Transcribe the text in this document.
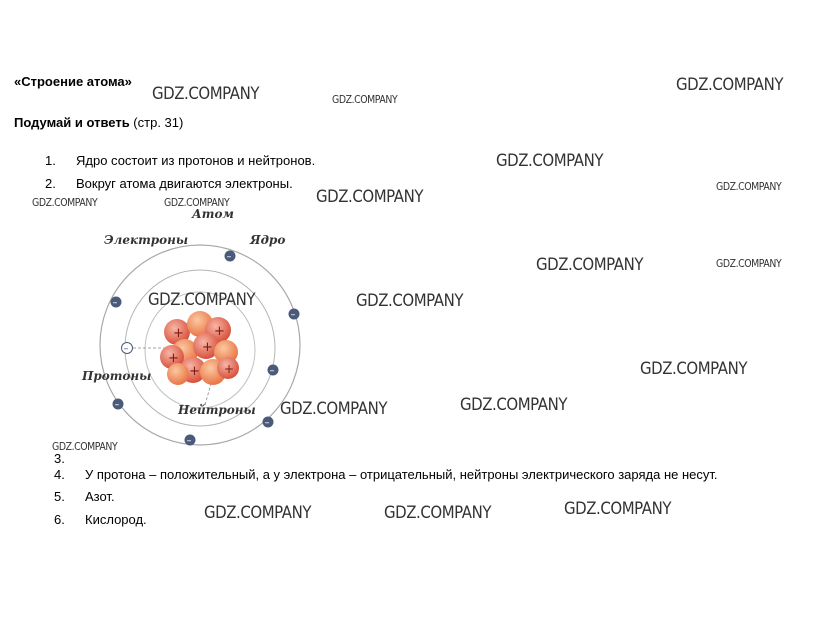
«Строение атома»
Подумай и ответь (стр. 31)
1. Ядро состоит из протонов и нейтронов.
2. Вокруг атома двигаются электроны.
3.
4. У протона – положительный, а у электрона – отрицательный, нейтроны электрического заряда не несут.
5. Азот.
6. Кислород.
+ +
+
+
+ +
–
–
–
–
–
–
–
–
Атом
Электроны	Ядро
Протоны
Нейтроны
GDZ.COMPANY	GDZ.COMPANY
GDZ.COMPANY
GDZ.COMPANY
GDZ.COMPANY
GDZ.COMPANY
GDZ.COMPANY	GDZ.COMPANY
GDZ.COMPANY	GDZ.COMPANY
GDZ.COMPANY	GDZ.COMPANY
GDZ.COMPANY
GDZ.COMPANY
GDZ.COMPANY
GDZ.COMPANY
GDZ.COMPANY
GDZ.COMPANY	GDZ.COMPANY
